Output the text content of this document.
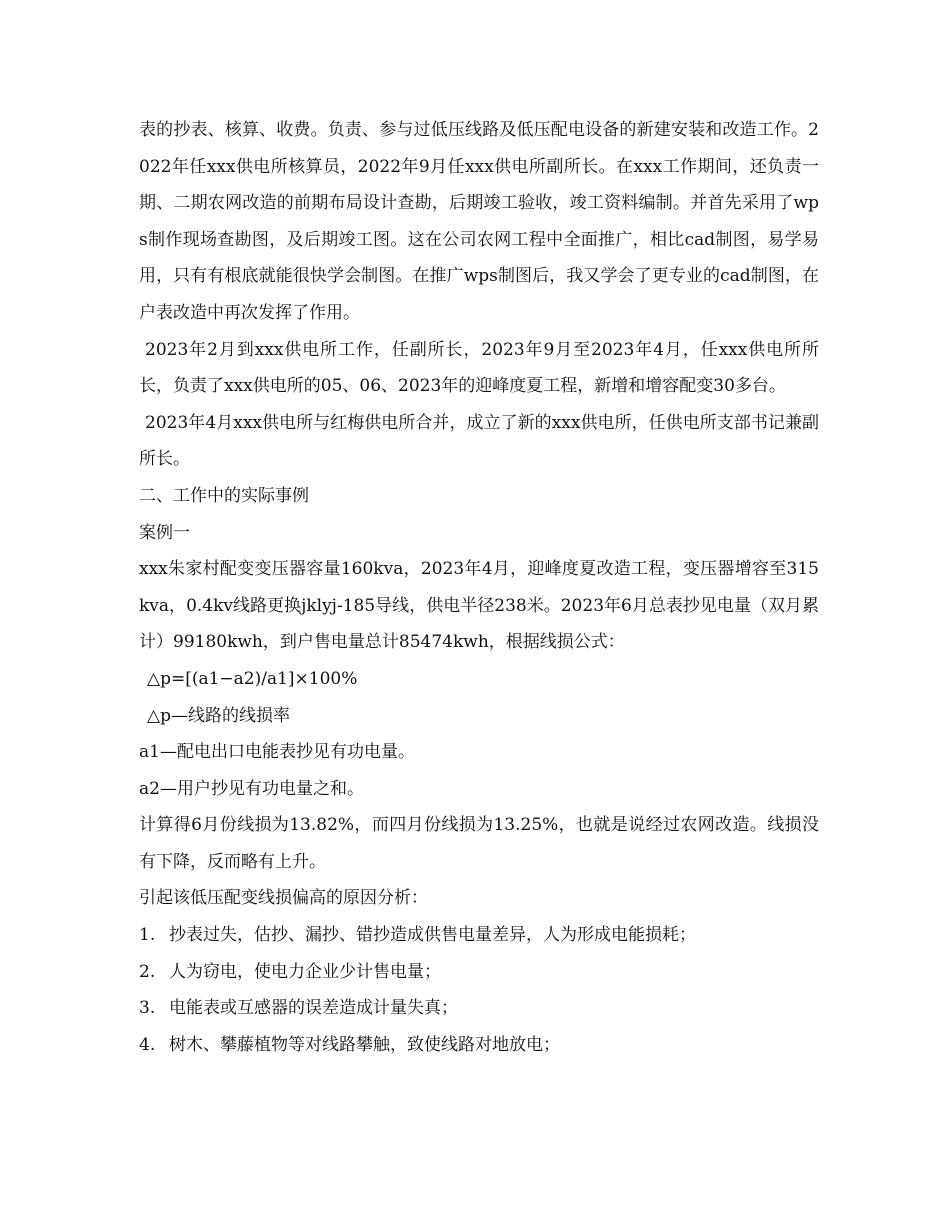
表的抄表、核算、收费。负责、参与过低压线路及低压配电设备的新建安装和改造工作。2022年任xxx供电所核算员，2022年9月任xxx供电所副所长。在xxx工作期间，还负责一期、二期农网改造的前期布局设计查勘，后期竣工验收，竣工资料编制。并首先采用了wps制作现场查勘图，及后期竣工图。这在公司农网工程中全面推广，相比cad制图，易学易用，只有有根底就能很快学会制图。在推广wps制图后，我又学会了更专业的cad制图，在户表改造中再次发挥了作用。

2023年2月到xxx供电所工作，任副所长，2023年9月至2023年4月，任xxx供电所所长，负责了xxx供电所的05、06、2023年的迎峰度夏工程，新增和增容配变30多台。

2023年4月xxx供电所与红梅供电所合并，成立了新的xxx供电所，任供电所支部书记兼副所长。

二、工作中的实际事例

案例一

xxx朱家村配变变压器容量160kva，2023年4月，迎峰度夏改造工程，变压器增容至315kva，0.4kv线路更换jklyj-185导线，供电半径238米。2023年6月总表抄见电量（双月累计）99180kwh，到户售电量总计85474kwh，根据线损公式：

△p=[(a1−a2)/a1]×100%

△p—线路的线损率

a1—配电出口电能表抄见有功电量。

a2—用户抄见有功电量之和。

计算得6月份线损为13.82%，而四月份线损为13.25%，也就是说经过农网改造。线损没有下降，反而略有上升。

引起该低压配变线损偏高的原因分析：

1. 抄表过失，估抄、漏抄、错抄造成供售电量差异，人为形成电能损耗；

2. 人为窃电，使电力企业少计售电量；

3. 电能表或互感器的误差造成计量失真；

4. 树木、攀藤植物等对线路攀触，致使线路对地放电；
